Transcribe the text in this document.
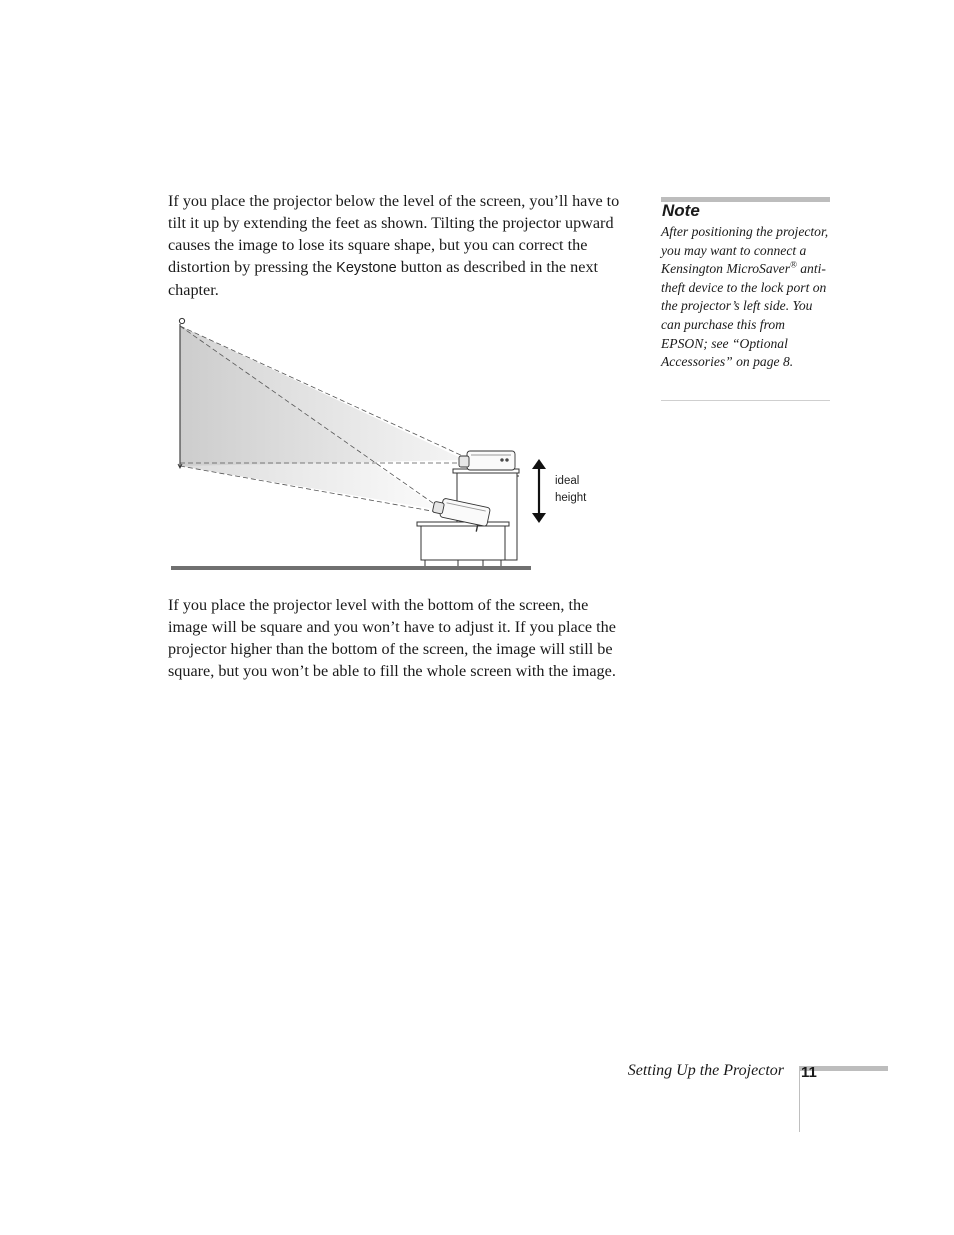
If you place the projector below the level of the screen, you’ll have to tilt it up by extending the feet as shown. Tilting the projector upward causes the image to lose its square shape, but you can correct the distortion by pressing the Keystone button as described in the next chapter.

Note

After positioning the projector, you may want to connect a Kensington MicroSaver® anti-theft device to the lock port on the projector’s left side. You can purchase this from EPSON; see “Optional Accessories” on page 8.

ideal
height

If you place the projector level with the bottom of the screen, the image will be square and you won’t have to adjust it. If you place the projector higher than the bottom of the screen, the image will still be square, but you won’t be able to fill the whole screen with the image.

Setting Up the Projector 11
